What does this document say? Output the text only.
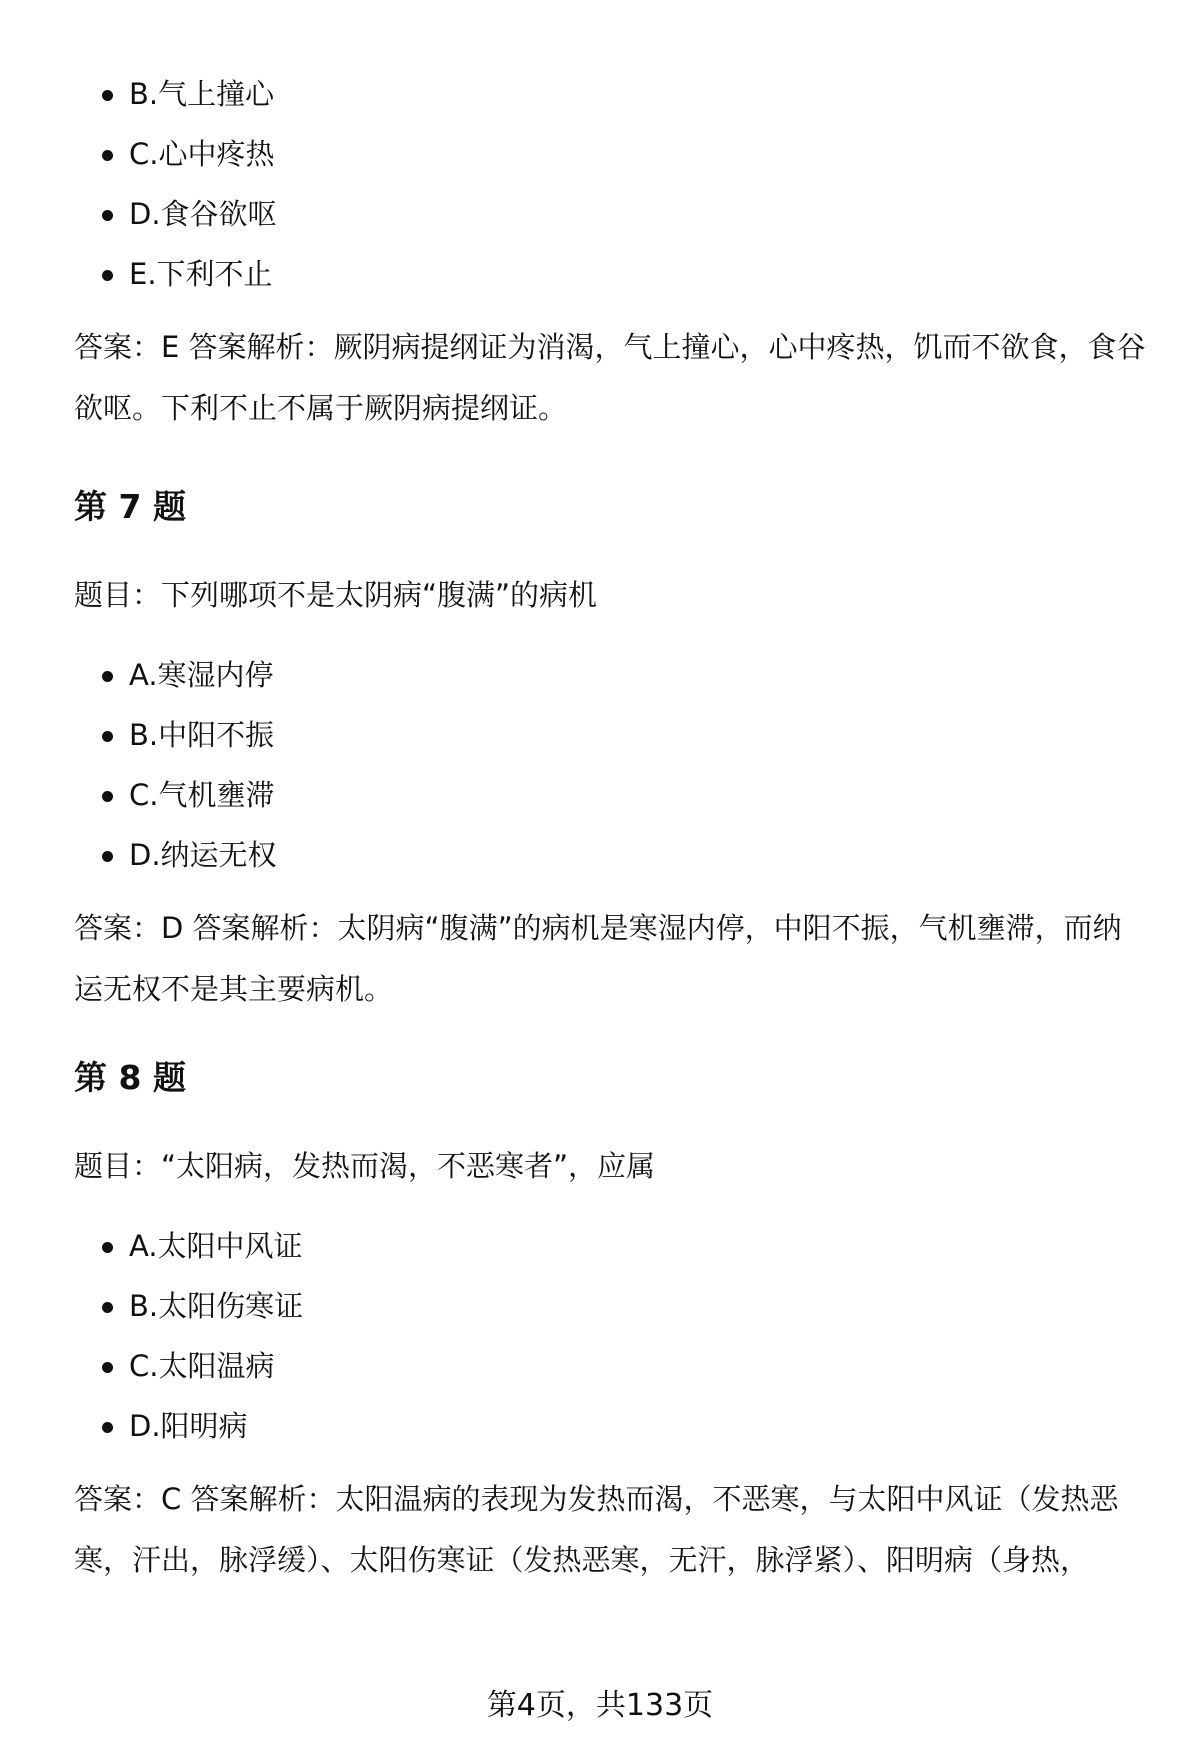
B.气上撞心
C.心中疼热
D.食谷欲呕
E.下利不止

答案：E 答案解析：厥阴病提纲证为消渴，气上撞心，心中疼热，饥而不欲食，食谷欲呕。下利不止不属于厥阴病提纲证。

第 7 题

题目：下列哪项不是太阴病“腹满”的病机

A.寒湿内停
B.中阳不振
C.气机壅滞
D.纳运无权

答案：D 答案解析：太阴病“腹满”的病机是寒湿内停，中阳不振，气机壅滞，而纳运无权不是其主要病机。

第 8 题

题目：“太阳病，发热而渴，不恶寒者”，应属

A.太阳中风证
B.太阳伤寒证
C.太阳温病
D.阳明病

答案：C 答案解析：太阳温病的表现为发热而渴，不恶寒，与太阳中风证（发热恶寒，汗出，脉浮缓）、太阳伤寒证（发热恶寒，无汗，脉浮紧）、阳明病（身热，

第4页，共133页
